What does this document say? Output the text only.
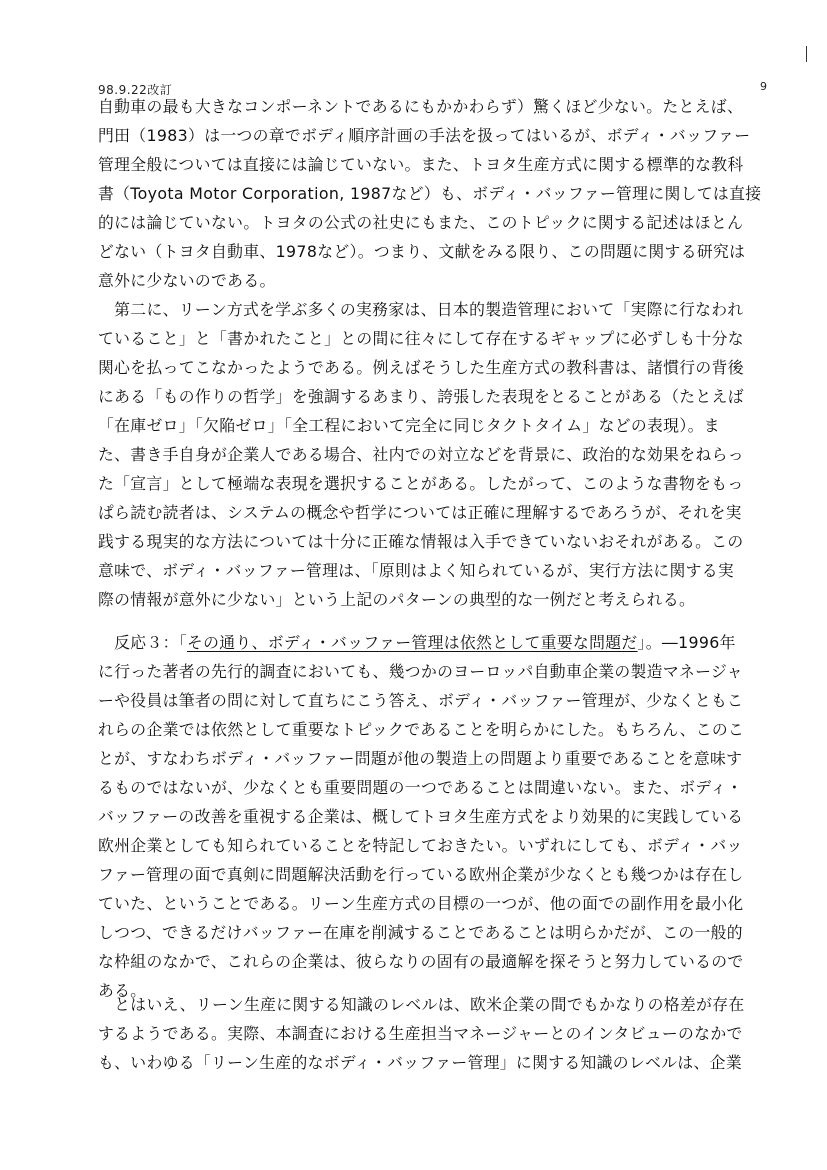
98.9.22改訂	9
自動車の最も大きなコンポーネントであるにもかかわらず）驚くほど少ない。たとえば、
門田（1983）は一つの章でボディ順序計画の手法を扱ってはいるが、ボディ・バッファー
管理全般については直接には論じていない。また、トヨタ生産方式に関する標準的な教科
書（Toyota Motor Corporation, 1987など）も、ボディ・バッファー管理に関しては直接
的には論じていない。トヨタの公式の社史にもまた、このトピックに関する記述はほとん
どない（トヨタ自動車、1978など）。つまり、文献をみる限り、この問題に関する研究は
意外に少ないのである。
　第二に、リーン方式を学ぶ多くの実務家は、日本的製造管理において「実際に行なわれ
ていること」と「書かれたこと」との間に往々にして存在するギャップに必ずしも十分な
関心を払ってこなかったようである。例えばそうした生産方式の教科書は、諸慣行の背後
にある「もの作りの哲学」を強調するあまり、誇張した表現をとることがある（たとえば
「在庫ゼロ」「欠陥ゼロ」「全工程において完全に同じタクトタイム」などの表現）。ま
た、書き手自身が企業人である場合、社内での対立などを背景に、政治的な効果をねらっ
た「宣言」として極端な表現を選択することがある。したがって、このような書物をもっ
ぱら読む読者は、システムの概念や哲学については正確に理解するであろうが、それを実
践する現実的な方法については十分に正確な情報は入手できていないおそれがある。この
意味で、ボディ・バッファー管理は、「原則はよく知られているが、実行方法に関する実
際の情報が意外に少ない」という上記のパターンの典型的な一例だと考えられる。
　反応３：「その通り、ボディ・バッファー管理は依然として重要な問題だ」。―1996年
に行った著者の先行的調査においても、幾つかのヨーロッパ自動車企業の製造マネージャ
ーや役員は筆者の問に対して直ちにこう答え、ボディ・バッファー管理が、少なくともこ
れらの企業では依然として重要なトピックであることを明らかにした。もちろん、このこ
とが、すなわちボディ・バッファー問題が他の製造上の問題より重要であることを意味す
るものではないが、少なくとも重要問題の一つであることは間違いない。また、ボディ・
バッファーの改善を重視する企業は、概してトヨタ生産方式をより効果的に実践している
欧州企業としても知られていることを特記しておきたい。いずれにしても、ボディ・バッ
ファー管理の面で真剣に問題解決活動を行っている欧州企業が少なくとも幾つかは存在し
ていた、ということである。リーン生産方式の目標の一つが、他の面での副作用を最小化
しつつ、できるだけバッファー在庫を削減することであることは明らかだが、この一般的
な枠組のなかで、これらの企業は、彼らなりの固有の最適解を探そうと努力しているので
ある。
　とはいえ、リーン生産に関する知識のレベルは、欧米企業の間でもかなりの格差が存在
するようである。実際、本調査における生産担当マネージャーとのインタビューのなかで
も、いわゆる「リーン生産的なボディ・バッファー管理」に関する知識のレベルは、企業
